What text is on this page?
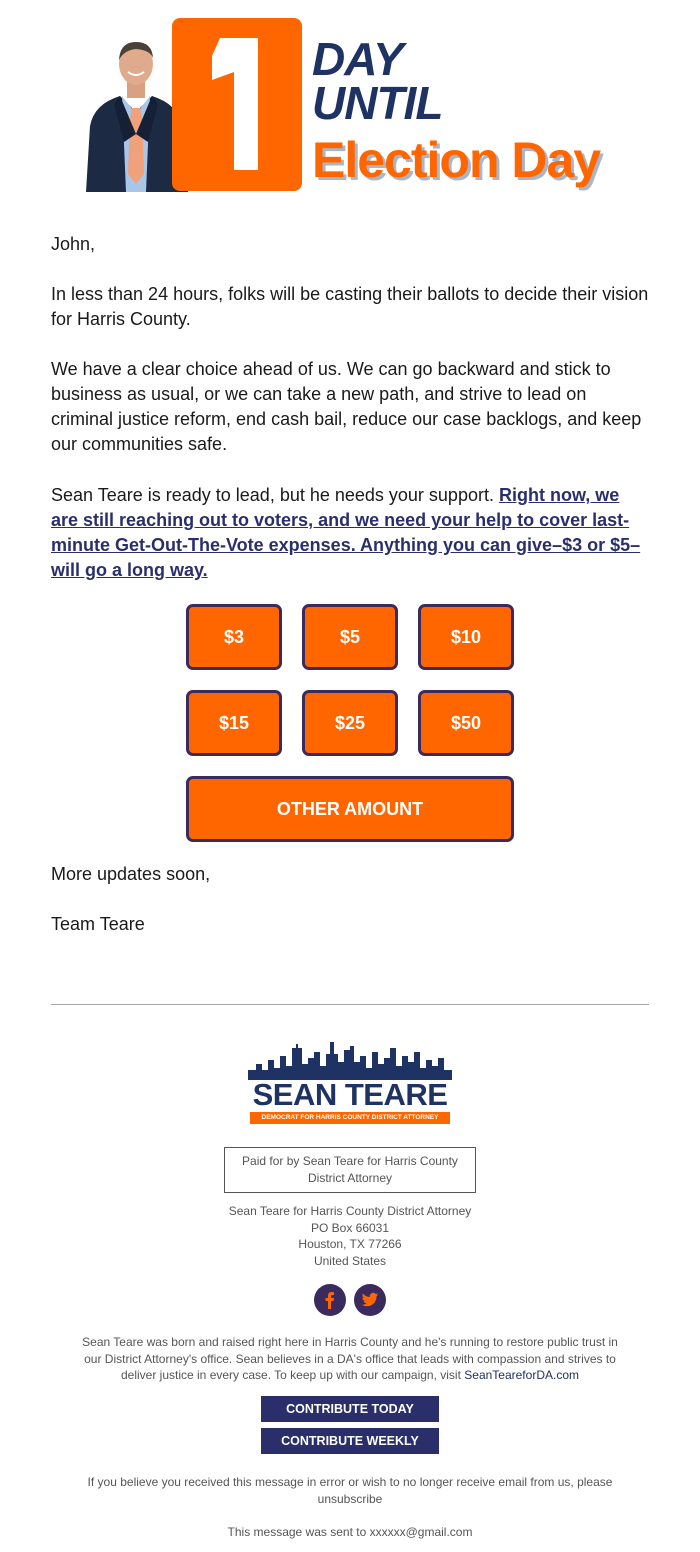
DAY
UNTIL
Election Day
John,
In less than 24 hours, folks will be casting their ballots to decide their vision for Harris County.
We have a clear choice ahead of us. We can go backward and stick to business as usual, or we can take a new path, and strive to lead on criminal justice reform, end cash bail, reduce our case backlogs, and keep our communities safe.
Sean Teare is ready to lead, but he needs your support. Right now, we are still reaching out to voters, and we need your help to cover last-minute Get-Out-The-Vote expenses. Anything you can give–$3 or $5– will go a long way.
$3	$5	$10
$15	$25	$50
OTHER AMOUNT
More updates soon,
Team Teare
SEAN TEARE
DEMOCRAT FOR HARRIS COUNTY DISTRICT ATTORNEY
Paid for by Sean Teare for Harris County District Attorney
Sean Teare for Harris County District Attorney
PO Box 66031
Houston, TX 77266
United States
Sean Teare was born and raised right here in Harris County and he's running to restore public trust in our District Attorney's office. Sean believes in a DA's office that leads with compassion and strives to deliver justice in every case. To keep up with our campaign, visit SeanTeareforDA.com
CONTRIBUTE TODAY
CONTRIBUTE WEEKLY
If you believe you received this message in error or wish to no longer receive email from us, please
unsubscribe
This message was sent to xxxxxx@gmail.com
